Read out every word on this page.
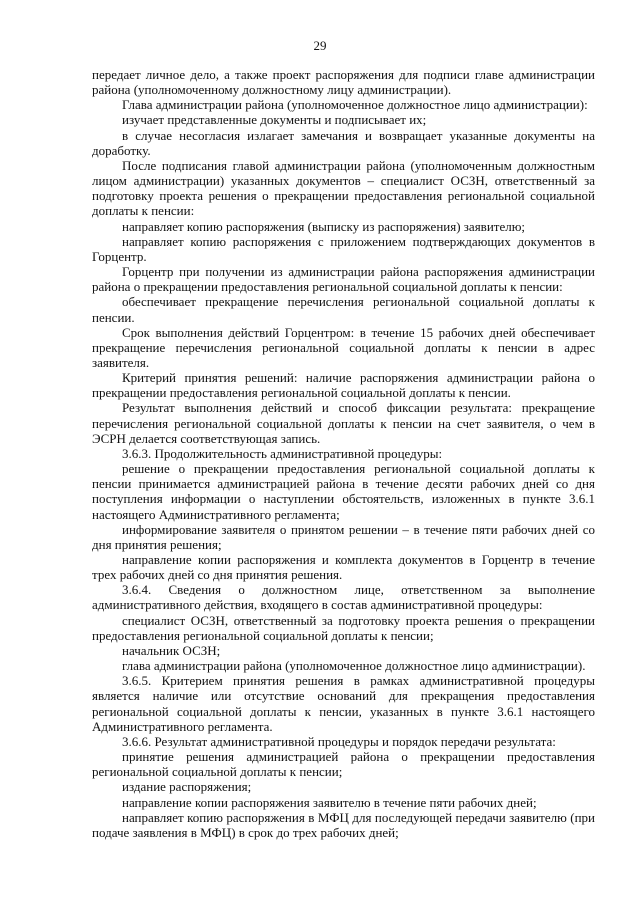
29

передает личное дело, а также проект распоряжения для подписи главе администрации района (уполномоченному должностному лицу администрации).

Глава администрации района (уполномоченное должностное лицо администрации):

изучает представленные документы и подписывает их;

в случае несогласия излагает замечания и возвращает указанные документы на доработку.

После подписания главой администрации района (уполномоченным должностным лицом администрации) указанных документов – специалист ОСЗН, ответственный за подготовку проекта решения о прекращении предоставления региональной социальной доплаты к пенсии:

направляет копию распоряжения (выписку из распоряжения) заявителю;

направляет копию распоряжения с приложением подтверждающих документов в Горцентр.

Горцентр при получении из администрации района распоряжения администрации района о прекращении предоставления региональной социальной доплаты к пенсии:

обеспечивает прекращение перечисления региональной социальной доплаты к пенсии.

Срок выполнения действий Горцентром: в течение 15 рабочих дней обеспечивает прекращение перечисления региональной социальной доплаты к пенсии в адрес заявителя.

Критерий принятия решений: наличие распоряжения администрации района о прекращении предоставления региональной социальной доплаты к пенсии.

Результат выполнения действий и способ фиксации результата: прекращение перечисления региональной социальной доплаты к пенсии на счет заявителя, о чем в ЭСРН делается соответствующая запись.

3.6.3. Продолжительность административной процедуры:

решение о прекращении предоставления региональной социальной доплаты к пенсии принимается администрацией района в течение десяти рабочих дней со дня поступления информации о наступлении обстоятельств, изложенных в пункте 3.6.1 настоящего Административного регламента;

информирование заявителя о принятом решении – в течение пяти рабочих дней со дня принятия решения;

направление копии распоряжения и комплекта документов в Горцентр в течение трех рабочих дней со дня принятия решения.

3.6.4. Сведения о должностном лице, ответственном за выполнение административного действия, входящего в состав административной процедуры:

специалист ОСЗН, ответственный за подготовку проекта решения о прекращении предоставления региональной социальной доплаты к пенсии;

начальник ОСЗН;

глава администрации района (уполномоченное должностное лицо администрации).

3.6.5. Критерием принятия решения в рамках административной процедуры является наличие или отсутствие оснований для прекращения предоставления региональной социальной доплаты к пенсии, указанных в пункте 3.6.1 настоящего Административного регламента.

3.6.6. Результат административной процедуры и порядок передачи результата:

принятие решения администрацией района о прекращении предоставления региональной социальной доплаты к пенсии;

издание распоряжения;

направление копии распоряжения заявителю в течение пяти рабочих дней;

направляет копию распоряжения в МФЦ для последующей передачи заявителю (при подаче заявления в МФЦ) в срок до трех рабочих дней;
